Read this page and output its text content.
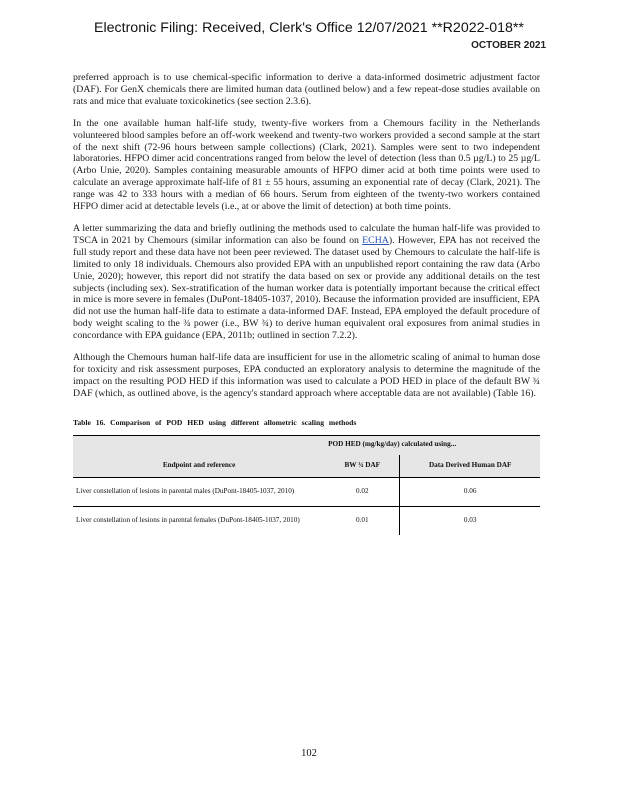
Electronic Filing: Received, Clerk's Office 12/07/2021 **R2022-018**
OCTOBER 2021

preferred approach is to use chemical-specific information to derive a data-informed dosimetric adjustment factor (DAF). For GenX chemicals there are limited human data (outlined below) and a few repeat-dose studies available on rats and mice that evaluate toxicokinetics (see section 2.3.6).

In the one available human half-life study, twenty-five workers from a Chemours facility in the Netherlands volunteered blood samples before an off-work weekend and twenty-two workers provided a second sample at the start of the next shift (72-96 hours between sample collections) (Clark, 2021). Samples were sent to two independent laboratories. HFPO dimer acid concentrations ranged from below the level of detection (less than 0.5 µg/L) to 25 µg/L (Arbo Unie, 2020). Samples containing measurable amounts of HFPO dimer acid at both time points were used to calculate an average approximate half-life of 81 ± 55 hours, assuming an exponential rate of decay (Clark, 2021). The range was 42 to 333 hours with a median of 66 hours. Serum from eighteen of the twenty-two workers contained HFPO dimer acid at detectable levels (i.e., at or above the limit of detection) at both time points.

A letter summarizing the data and briefly outlining the methods used to calculate the human half-life was provided to TSCA in 2021 by Chemours (similar information can also be found on ECHA). However, EPA has not received the full study report and these data have not been peer reviewed. The dataset used by Chemours to calculate the half-life is limited to only 18 individuals. Chemours also provided EPA with an unpublished report containing the raw data (Arbo Unie, 2020); however, this report did not stratify the data based on sex or provide any additional details on the test subjects (including sex). Sex-stratification of the human worker data is potentially important because the critical effect in mice is more severe in females (DuPont-18405-1037, 2010). Because the information provided are insufficient, EPA did not use the human half-life data to estimate a data-informed DAF. Instead, EPA employed the default procedure of body weight scaling to the ¾ power (i.e., BW ¾) to derive human equivalent oral exposures from animal studies in concordance with EPA guidance (EPA, 2011b; outlined in section 7.2.2).

Although the Chemours human half-life data are insufficient for use in the allometric scaling of animal to human dose for toxicity and risk assessment purposes, EPA conducted an exploratory analysis to determine the magnitude of the impact on the resulting POD HED if this information was used to calculate a POD HED in place of the default BW ¾ DAF (which, as outlined above, is the agency's standard approach where acceptable data are not available) (Table 16).

Table 16. Comparison of POD HED using different allometric scaling methods
	POD HED (mg/kg/day) calculated using...	
Endpoint and reference	BW ¾ DAF	Data Derived Human DAF
Liver constellation of lesions in parental males (DuPont-18405-1037, 2010)	0.02	0.06
Liver constellation of lesions in parental females (DuPont-18405-1037, 2010)	0.01	0.03
102
